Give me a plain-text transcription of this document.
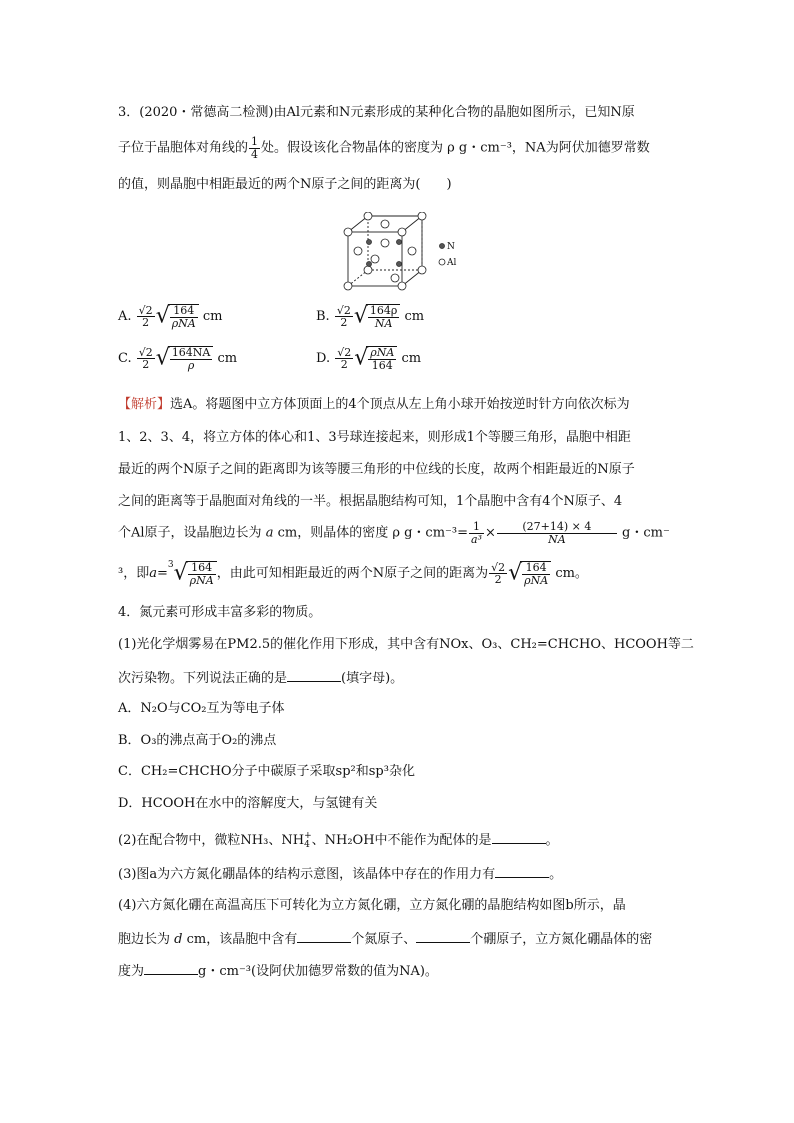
3．(2020・常德高二检测)由Al元素和N元素形成的某种化合物的晶胞如图所示，已知N原
子位于晶胞体对角线的 $\frac{1}{4}$ 处。假设该化合物晶体的密度为 ρ g・cm⁻³，NA为阿伏加德罗常数
的值，则晶胞中相距最近的两个N原子之间的距离为(　　)
N
Al
A. $\frac{√2}{2}$ √ $\frac{164}{\text{ρNA}}$ cm	B. $\frac{√2}{2}$ √ $\frac{164\rho}{NA}$ cm
C. $\frac{√2}{2}$ √ $\frac{164NA}{\rho}$ cm	D. $\frac{√2}{2}$ √ $\frac{\text{ρNA}}{164}$ cm
【解析】选A。将题图中立方体顶面上的4个顶点从左上角小球开始按逆时针方向依次标为
1、2、3、4，将立方体的体心和1、3号球连接起来，则形成1个等腰三角形，晶胞中相距
最近的两个N原子之间的距离即为该等腰三角形的中位线的长度，故两个相距最近的N原子
之间的距离等于晶胞面对角线的一半。根据晶胞结构可知，1个晶胞中含有4个N原子、4
个Al原子，设晶胞边长为 a cm，则晶体的密度 ρ g・$cm^{-3}= \frac{1}{\text{a³}} \times \frac{(27+14) \times 4}{NA}$ g・cm⁻
³，即$a=^3√ \frac{164}{\text{ρNA}}$ ，由此可知相距最近的两个N原子之间的距离为 $\frac{√2}{2}$ √ $\frac{164}{\text{ρNA}}$ cm。
4．氮元素可形成丰富多彩的物质。
(1)光化学烟雾易在PM2.5的催化作用下形成，其中含有NOx、O₃、CH₂=CHCHO、HCOOH等二
次污染物。下列说法正确的是	(填字母)。
A．N₂O与CO₂互为等电子体
B．O₃的沸点高于O₂的沸点
C．CH₂=CHCHO分子中碳原子采取sp²和sp³杂化
D．HCOOH在水中的溶解度大，与氢键有关
(2)在配合物中，微粒NH₃、NH +
4 、NH₂OH中不能作为配体的是	。
(3)图a为六方氮化硼晶体的结构示意图，该晶体中存在的作用力有	。
(4)六方氮化硼在高温高压下可转化为立方氮化硼，立方氮化硼的晶胞结构如图b所示，晶
胞边长为 d cm，该晶胞中含有	个氮原子、	个硼原子，立方氮化硼晶体的密
度为	g・cm⁻³(设阿伏加德罗常数的值为NA)。
